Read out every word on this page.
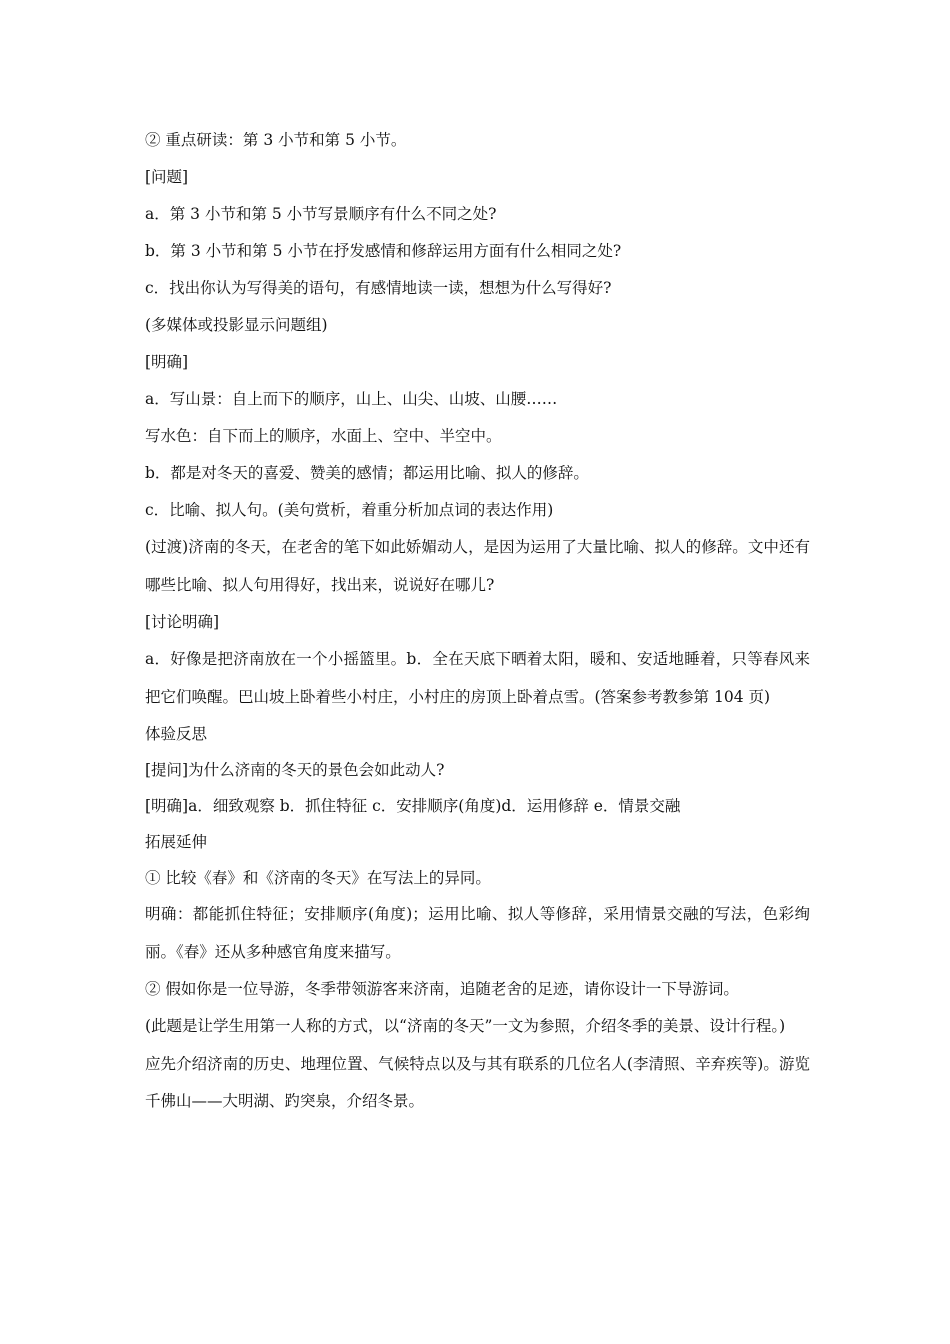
② 重点研读：第 3 小节和第 5 小节。

[问题]

a．第 3 小节和第 5 小节写景顺序有什么不同之处?

b．第 3 小节和第 5 小节在抒发感情和修辞运用方面有什么相同之处?

c．找出你认为写得美的语句，有感情地读一读，想想为什么写得好?

(多媒体或投影显示问题组)

[明确]

a．写山景：自上而下的顺序，山上、山尖、山坡、山腰……

写水色：自下而上的顺序，水面上、空中、半空中。

b．都是对冬天的喜爱、赞美的感情；都运用比喻、拟人的修辞。

c．比喻、拟人句。(美句赏析，着重分析加点词的表达作用)

(过渡)济南的冬天，在老舍的笔下如此娇媚动人，是因为运用了大量比喻、拟人的修辞。文中还有哪些比喻、拟人句用得好，找出来，说说好在哪儿?

[讨论明确]

a．好像是把济南放在一个小摇篮里。b．全在天底下晒着太阳，暖和、安适地睡着，只等春风来把它们唤醒。巴山坡上卧着些小村庄，小村庄的房顶上卧着点雪。(答案参考教参第 104 页)

体验反思

[提问]为什么济南的冬天的景色会如此动人?

[明确]a．细致观察 b．抓住特征 c．安排顺序(角度)d．运用修辞 e．情景交融

拓展延伸

① 比较《春》和《济南的冬天》在写法上的异同。

明确：都能抓住特征；安排顺序(角度)；运用比喻、拟人等修辞，采用情景交融的写法，色彩绚丽。《春》还从多种感官角度来描写。

② 假如你是一位导游，冬季带领游客来济南，追随老舍的足迹，请你设计一下导游词。

(此题是让学生用第一人称的方式，以“济南的冬天”一文为参照，介绍冬季的美景、设计行程。)

应先介绍济南的历史、地理位置、气候特点以及与其有联系的几位名人(李清照、辛弃疾等)。游览千佛山——大明湖、趵突泉，介绍冬景。
